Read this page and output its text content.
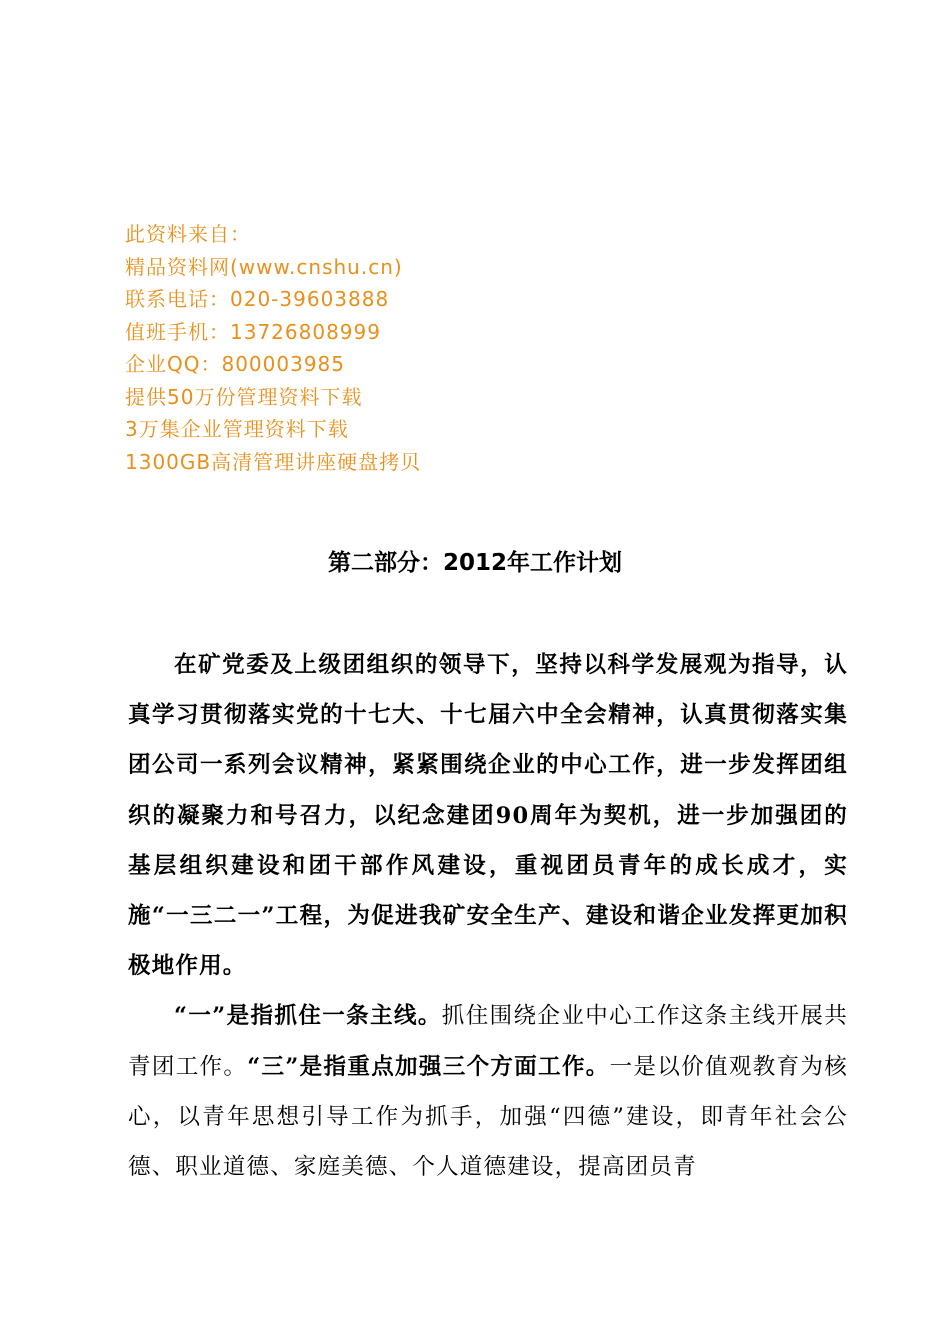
此资料来自：
精品资料网(www.cnshu.cn)
联系电话：020-39603888
值班手机：13726808999
企业QQ：800003985
提供50万份管理资料下载
3万集企业管理资料下载
1300GB高清管理讲座硬盘拷贝
第二部分：2012年工作计划

在矿党委及上级团组织的领导下，坚持以科学发展观为指导，认真学习贯彻落实党的十七大、十七届六中全会精神，认真贯彻落实集团公司一系列会议精神，紧紧围绕企业的中心工作，进一步发挥团组织的凝聚力和号召力，以纪念建团90周年为契机，进一步加强团的基层组织建设和团干部作风建设，重视团员青年的成长成才，实施“一三二一”工程，为促进我矿安全生产、建设和谐企业发挥更加积极地作用。

“一”是指抓住一条主线。抓住围绕企业中心工作这条主线开展共青团工作。“三”是指重点加强三个方面工作。一是以价值观教育为核心，以青年思想引导工作为抓手，加强“四德”建设，即青年社会公德、职业道德、家庭美德、个人道德建设，提高团员青
